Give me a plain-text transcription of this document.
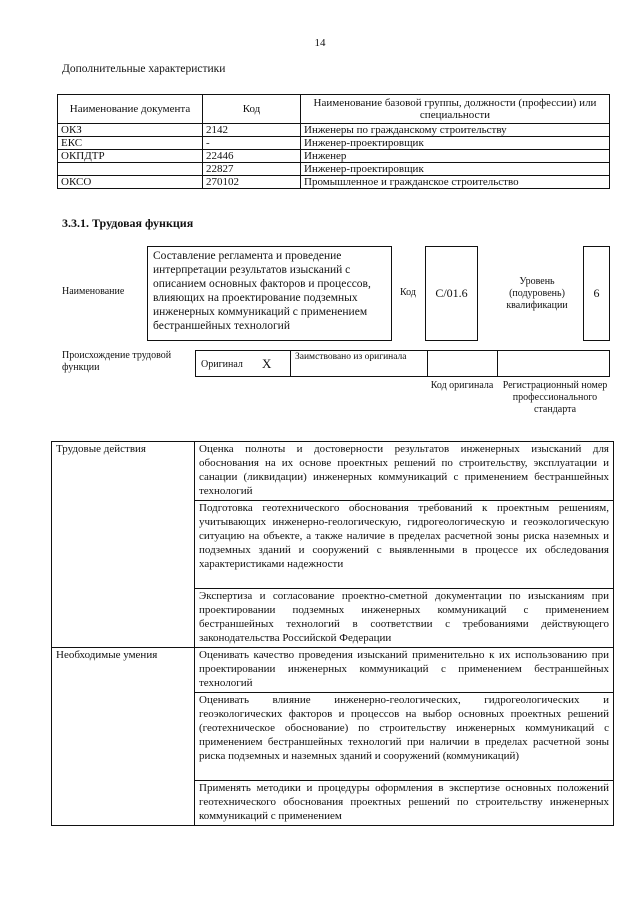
14
Дополнительные характеристики
Наименование документа	Код	Наименование базовой группы, должности (профессии) или специальности
ОКЗ	2142	Инженеры по гражданскому строительству
ЕКС	-	Инженер-проектировщик
ОКПДТР	22446	Инженер
	22827	Инженер-проектировщик
ОКСО	270102	Промышленное и гражданское строительство
3.3.1. Трудовая функция
Наименование
Составление регламента и проведение интерпретации результатов изысканий с описанием основных факторов и процессов, влияющих на проектирование подземных инженерных коммуникаций с применением бестраншейных технологий
Код	C/01.6
Уровень (подуровень) квалификации
6
Происхождение трудовой функции	Оригинал X Заимствовано из оригинала
Код оригинала Регистрационный номер профессионального стандарта
Трудовые действия	Оценка полноты и достоверности результатов инженерных изысканий для обоснования на их основе проектных решений по строительству, эксплуатации и санации (ликвидации) инженерных коммуникаций с применением бестраншейных технологий
	Подготовка геотехнического обоснования требований к проектным решениям, учитывающих инженерно-геологическую, гидрогеологическую и геоэкологическую ситуацию на объекте, а также наличие в пределах расчетной зоны риска наземных и подземных зданий и сооружений с выявленными в процессе их обследования характеристиками надежности
	Экспертиза и согласование проектно-сметной документации по изысканиям при проектировании подземных инженерных коммуникаций с применением бестраншейных технологий в соответствии с требованиями действующего законодательства Российской Федерации
Необходимые умения	Оценивать качество проведения изысканий применительно к их использованию при проектировании инженерных коммуникаций с применением бестраншейных технологий
	Оценивать влияние инженерно-геологических, гидрогеологических и геоэкологических факторов и процессов на выбор основных проектных решений (геотехническое обоснование) по строительству инженерных коммуникаций с применением бестраншейных технологий при наличии в пределах расчетной зоны риска подземных и наземных зданий и сооружений (коммуникаций)
	Применять методики и процедуры оформления в экспертизе основных положений геотехнического обоснования проектных решений по строительству инженерных коммуникаций с применением
